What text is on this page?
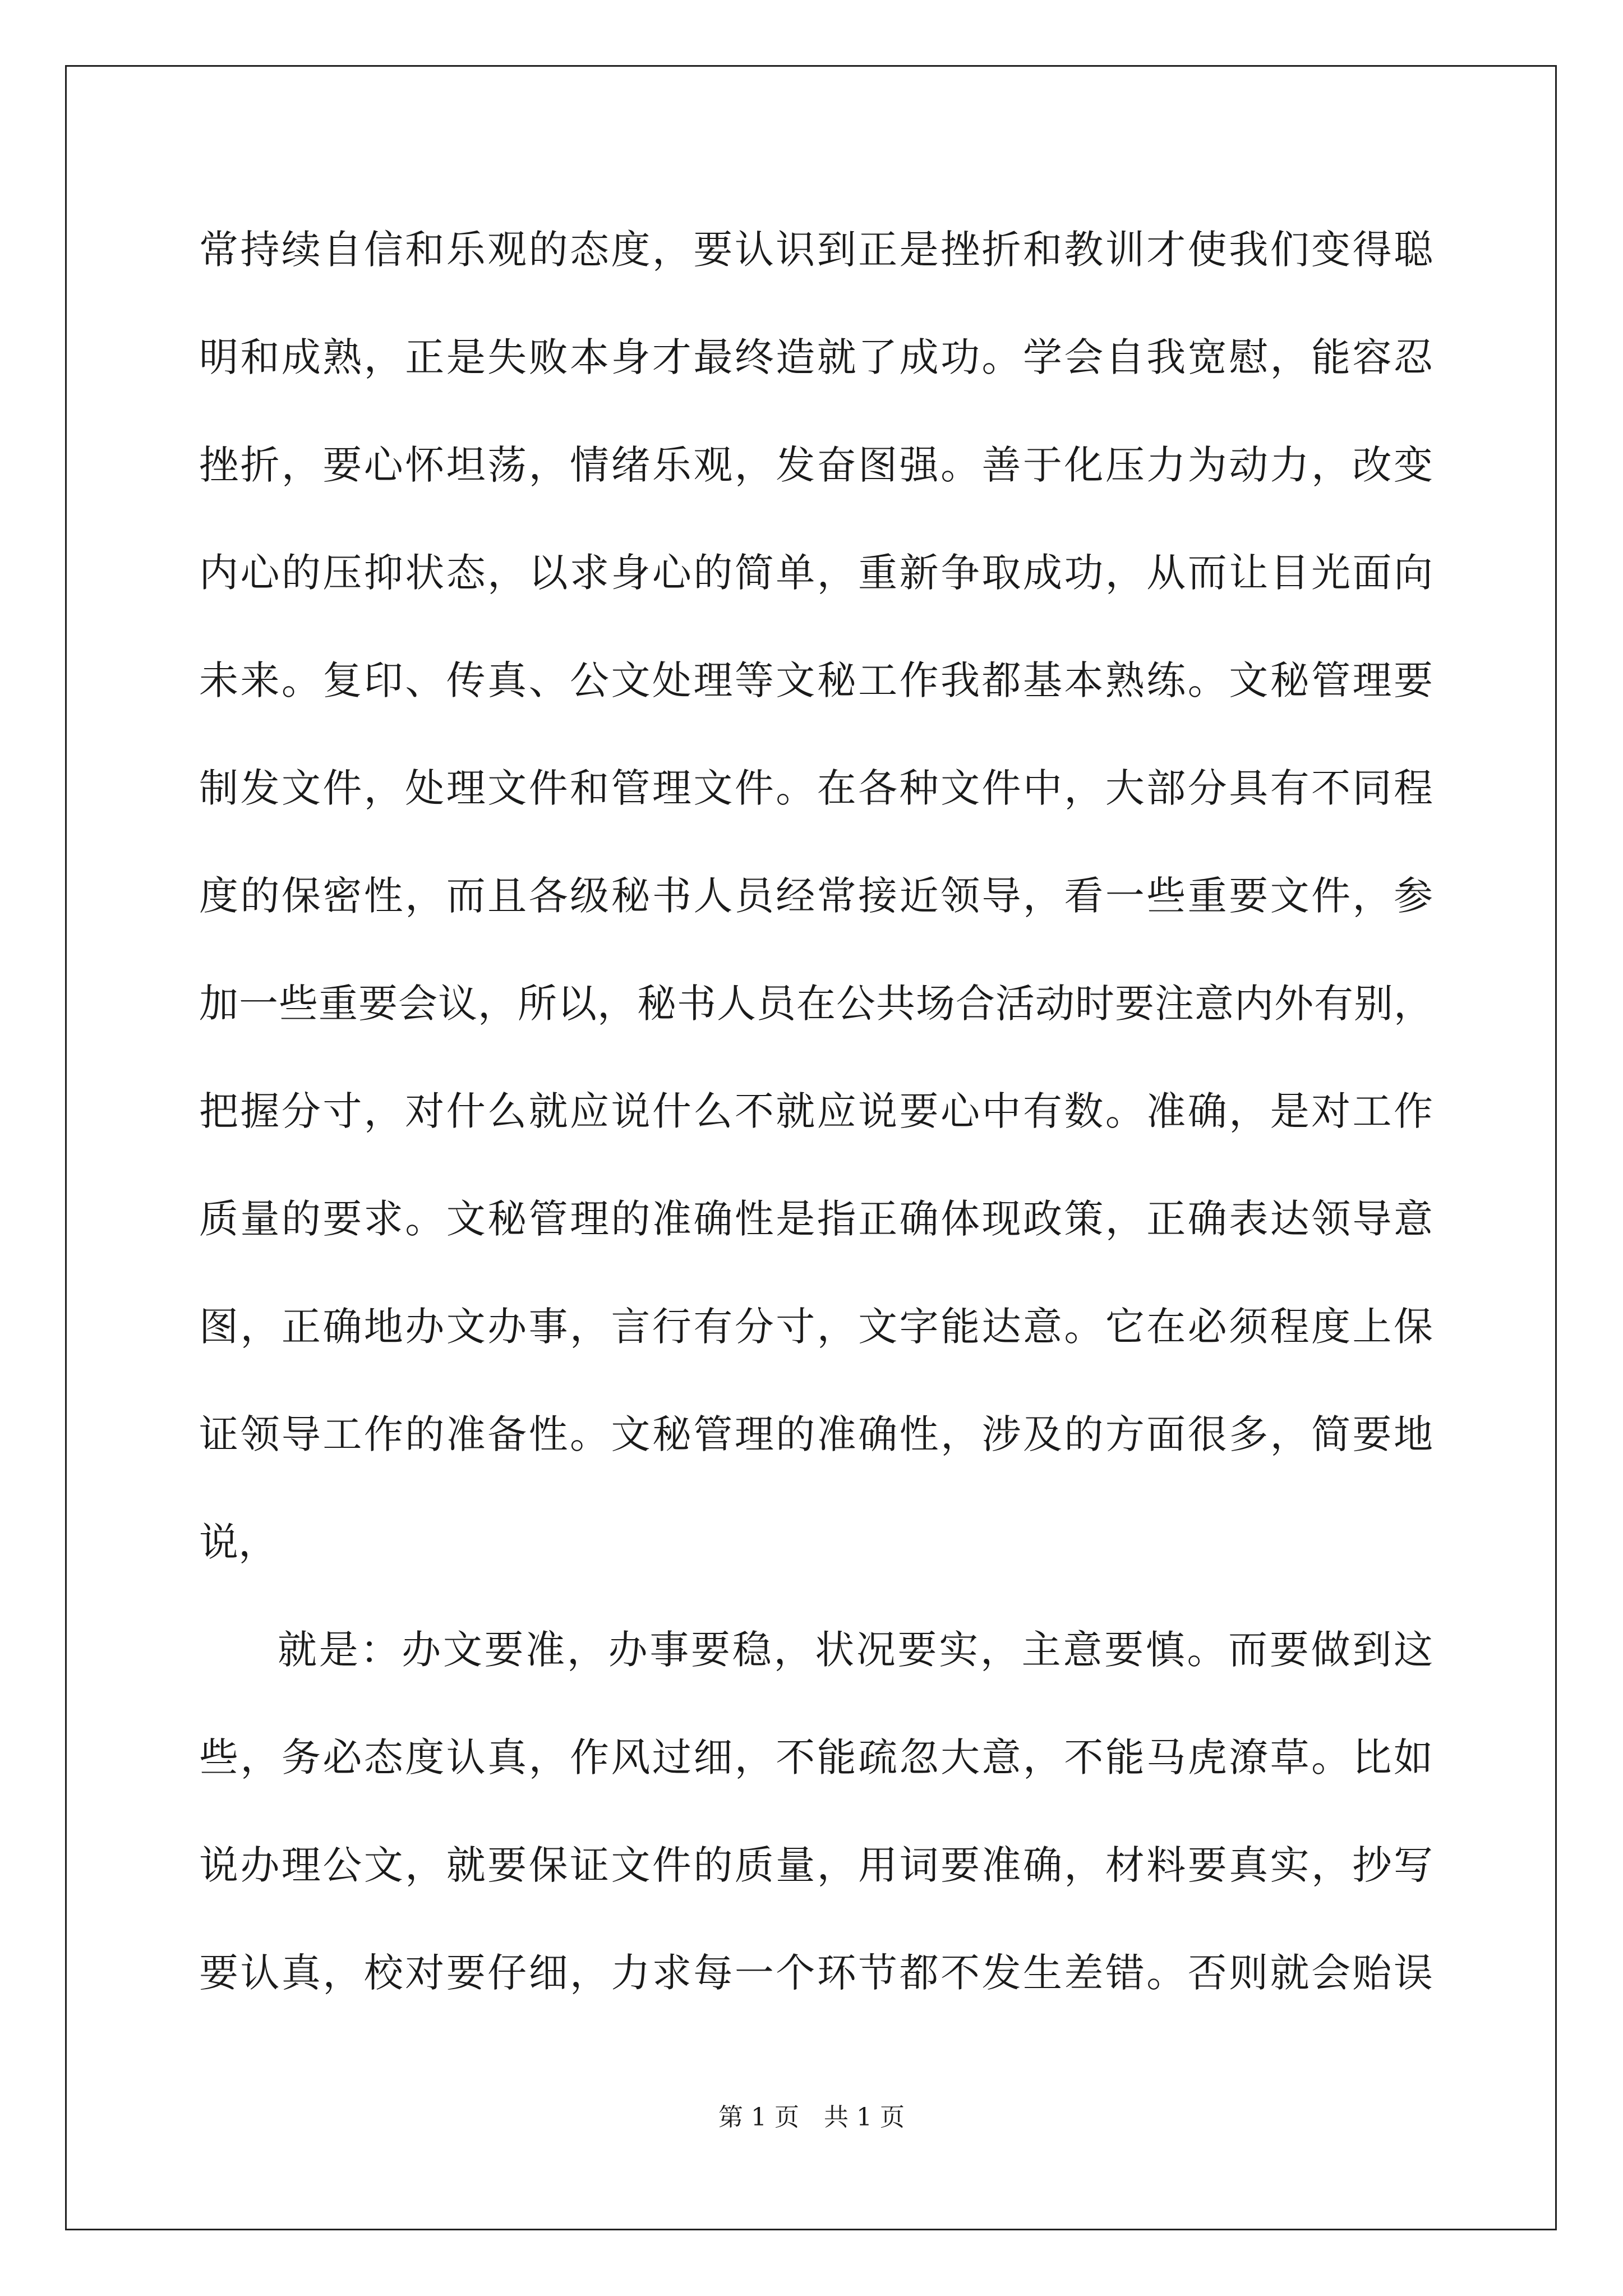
常持续自信和乐观的态度，要认识到正是挫折和教训才使我们变得聪
明和成熟，正是失败本身才最终造就了成功。学会自我宽慰，能容忍
挫折，要心怀坦荡，情绪乐观，发奋图强。善于化压力为动力，改变
内心的压抑状态，以求身心的简单，重新争取成功，从而让目光面向
未来。复印、传真、公文处理等文秘工作我都基本熟练。文秘管理要
制发文件，处理文件和管理文件。在各种文件中，大部分具有不同程
度的保密性，而且各级秘书人员经常接近领导，看一些重要文件，参
加一些重要会议，所以，秘书人员在公共场合活动时要注意内外有别，
把握分寸，对什么就应说什么不就应说要心中有数。准确，是对工作
质量的要求。文秘管理的准确性是指正确体现政策，正确表达领导意
图，正确地办文办事，言行有分寸，文字能达意。它在必须程度上保
证领导工作的准备性。文秘管理的准确性，涉及的方面很多，简要地
说，
就是：办文要准，办事要稳，状况要实，主意要慎。而要做到这
些，务必态度认真，作风过细，不能疏忽大意，不能马虎潦草。比如
说办理公文，就要保证文件的质量，用词要准确，材料要真实，抄写
要认真，校对要仔细，力求每一个环节都不发生差错。否则就会贻误
第 1 页　共 1 页
